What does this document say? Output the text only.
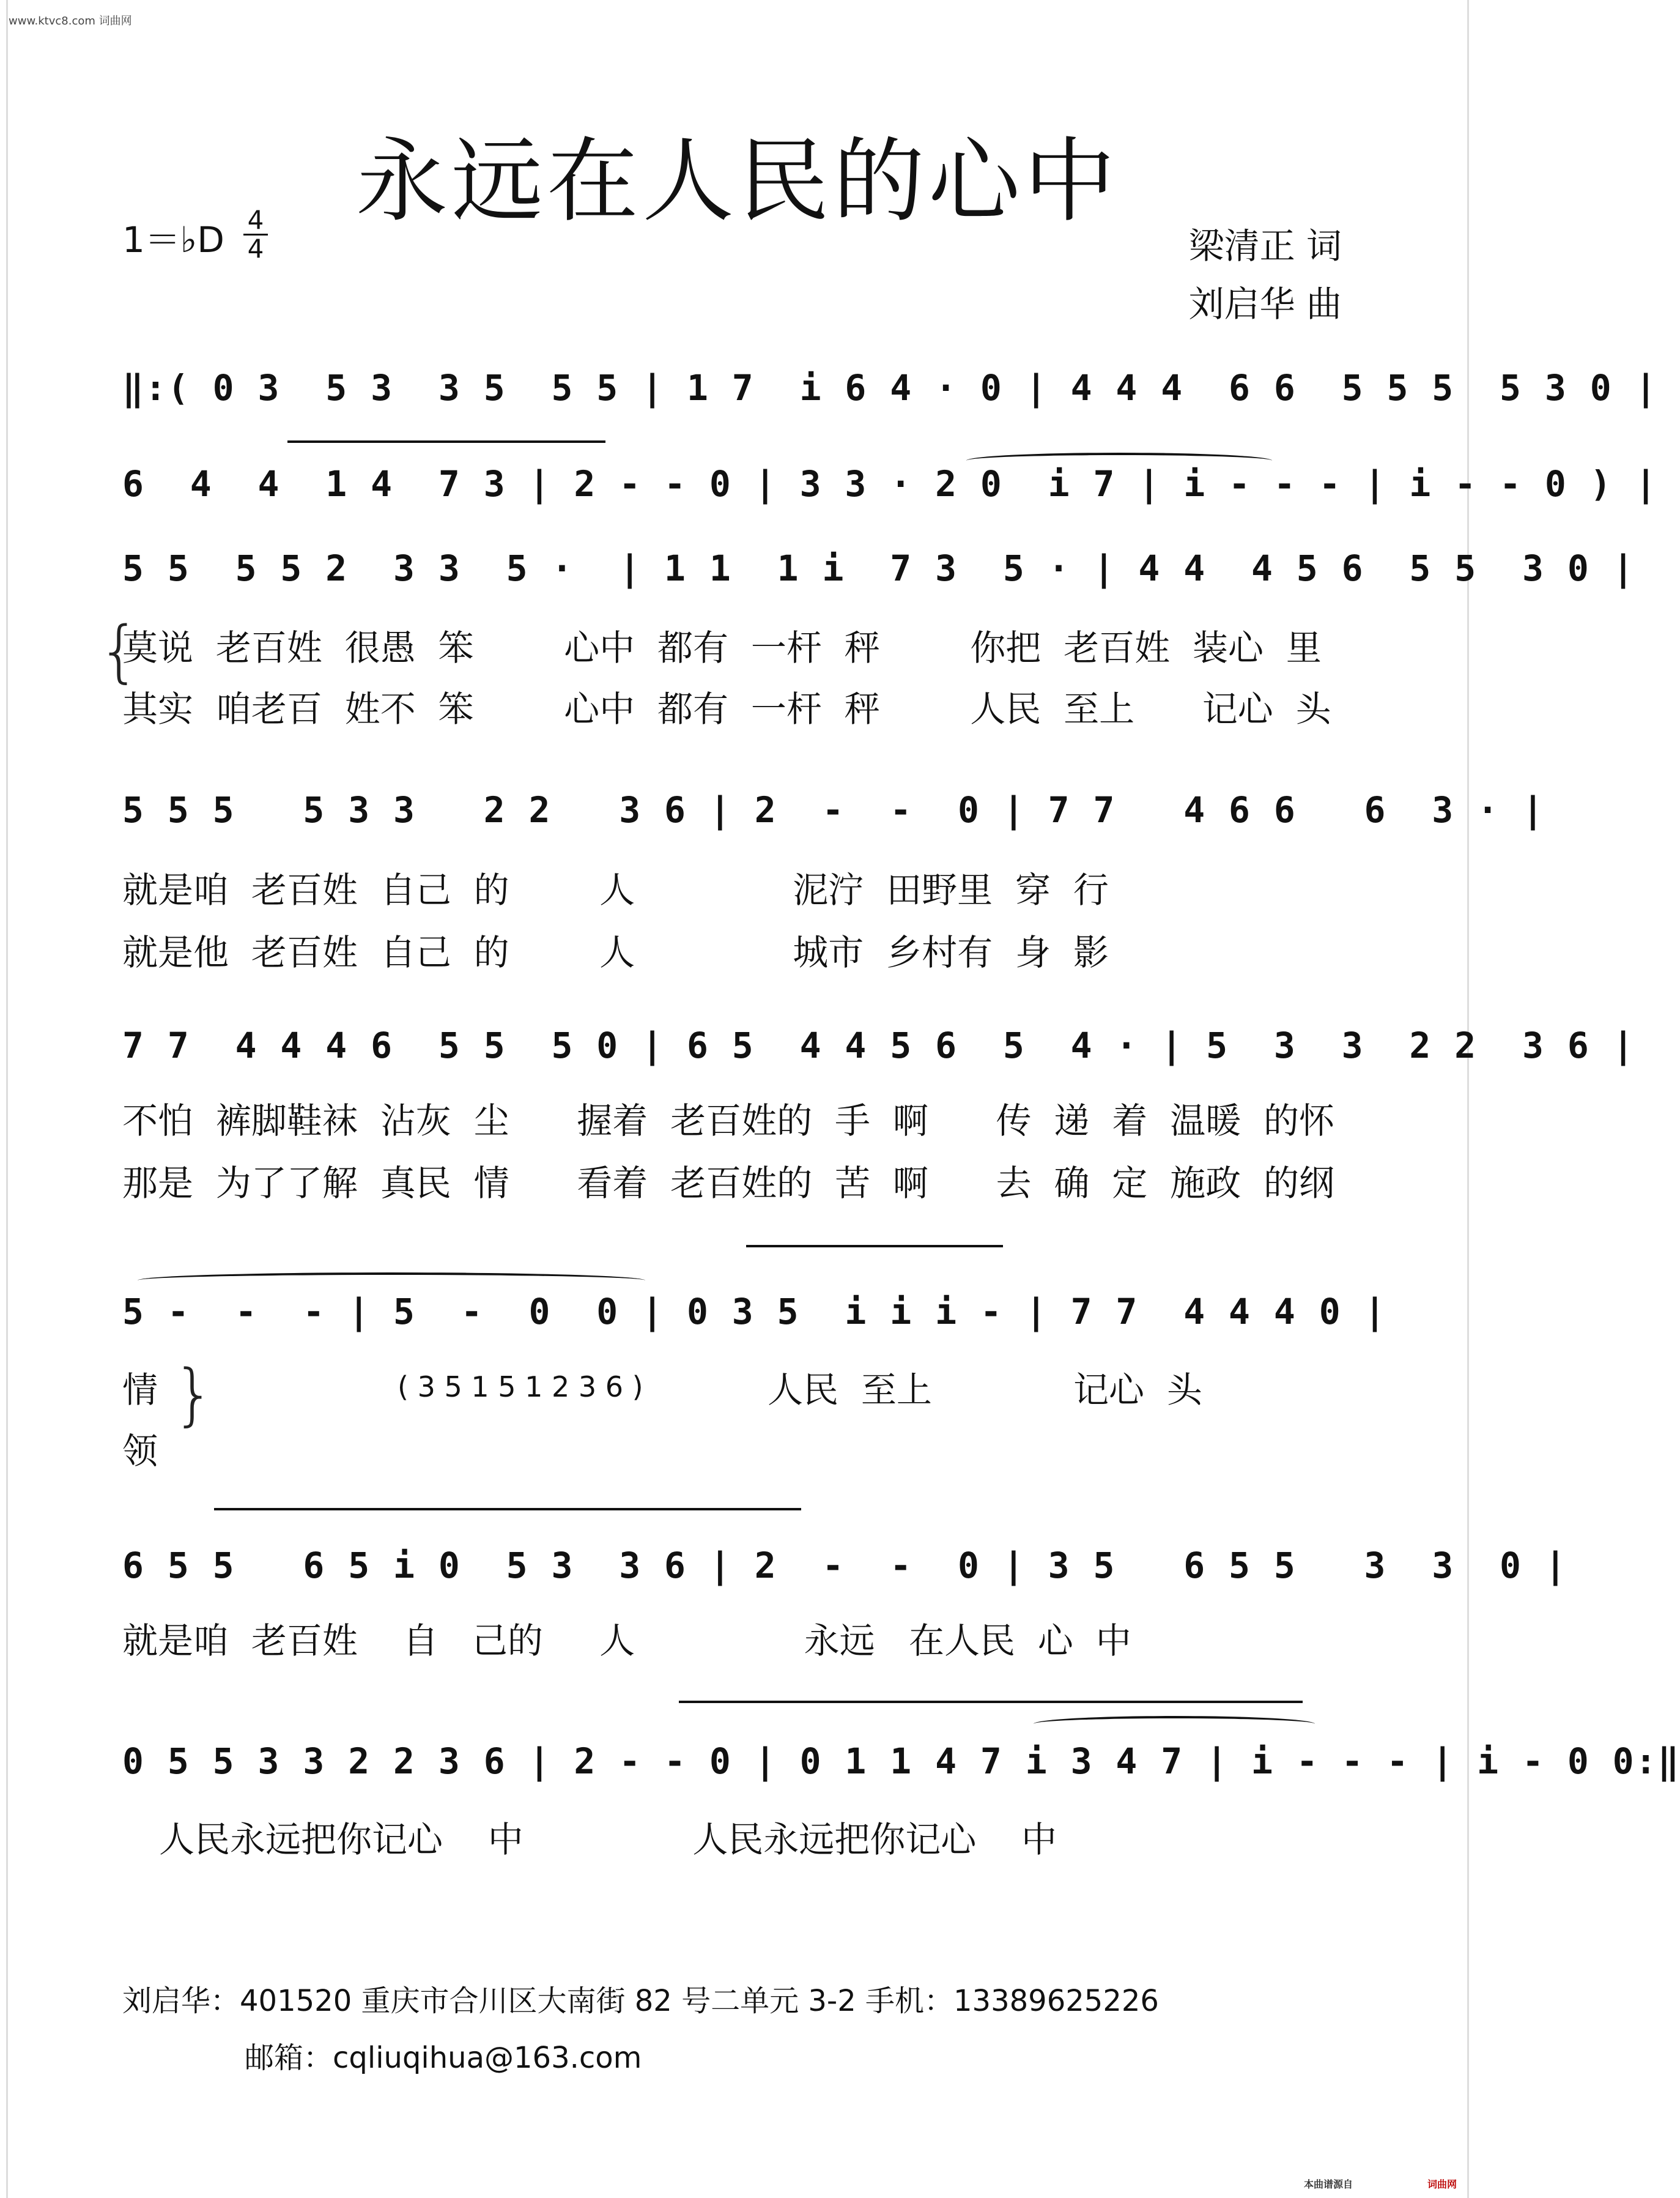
www.ktvc8.com 词曲网
永远在人民的心中
1＝♭D 4
4	梁清正 词
刘启华 曲
‖:( 0 3  5 3  3 5  5 5 | 1 7  i 6 4 · 0 | 4 4 4  6 6  5 5 5  5 3 0 |
6  4  4  1 4  7 3 | 2 - - 0 | 3 3 · 2 0  i 7 | i - - - | i - - 0 ) |
5 5  5 5 2  3 3  5 ·  | 1 1  1 i  7 3  5 · | 4 4  4 5 6  5 5  3 0 |
{
莫说  老百姓  很愚  笨        心中  都有  一杆  秤        你把  老百姓  装心  里
其实  咱老百  姓不  笨        心中  都有  一杆  秤        人民  至上      记心  头
5 5 5   5 3 3   2 2   3 6 | 2  -  -  0 | 7 7   4 6 6   6  3 · |
就是咱  老百姓  自己  的        人              泥泞  田野里  穿  行
就是他  老百姓  自己  的        人              城市  乡村有  身  影
7 7  4 4 4 6  5 5  5 0 | 6 5  4 4 5 6  5  4 · | 5  3  3  2 2  3 6 |
不怕  裤脚鞋袜  沾灰  尘      握着  老百姓的  手  啊      传  递  着  温暖  的怀
那是  为了了解  真民  情      看着  老百姓的  苦  啊      去  确  定  施政  的纲
5 -  -  - | 5  -  0  0 | 0 3 5  i i i - | 7 7  4 4 4 0 |
情
领
}	( 3 5 1 5 1 2 3 6 )	人民  至上	记心  头
6 5 5   6 5 i 0  5 3  3 6 | 2  -  -  0 | 3 5   6 5 5   3  3  0 |
就是咱  老百姓    自   己的     人               永远   在人民  心  中
0 5 5 3 3 2 2 3 6 | 2 - - 0 | 0 1 1 4 7 i 3 4 7 | i - - - | i - 0 0:‖
人民永远把你记心    中               人民永远把你记心    中
刘启华：401520 重庆市合川区大南街 82 号二单元 3-2 手机：13389625226
邮箱：cqliuqihua@163.com
本曲谱源自	词曲网
